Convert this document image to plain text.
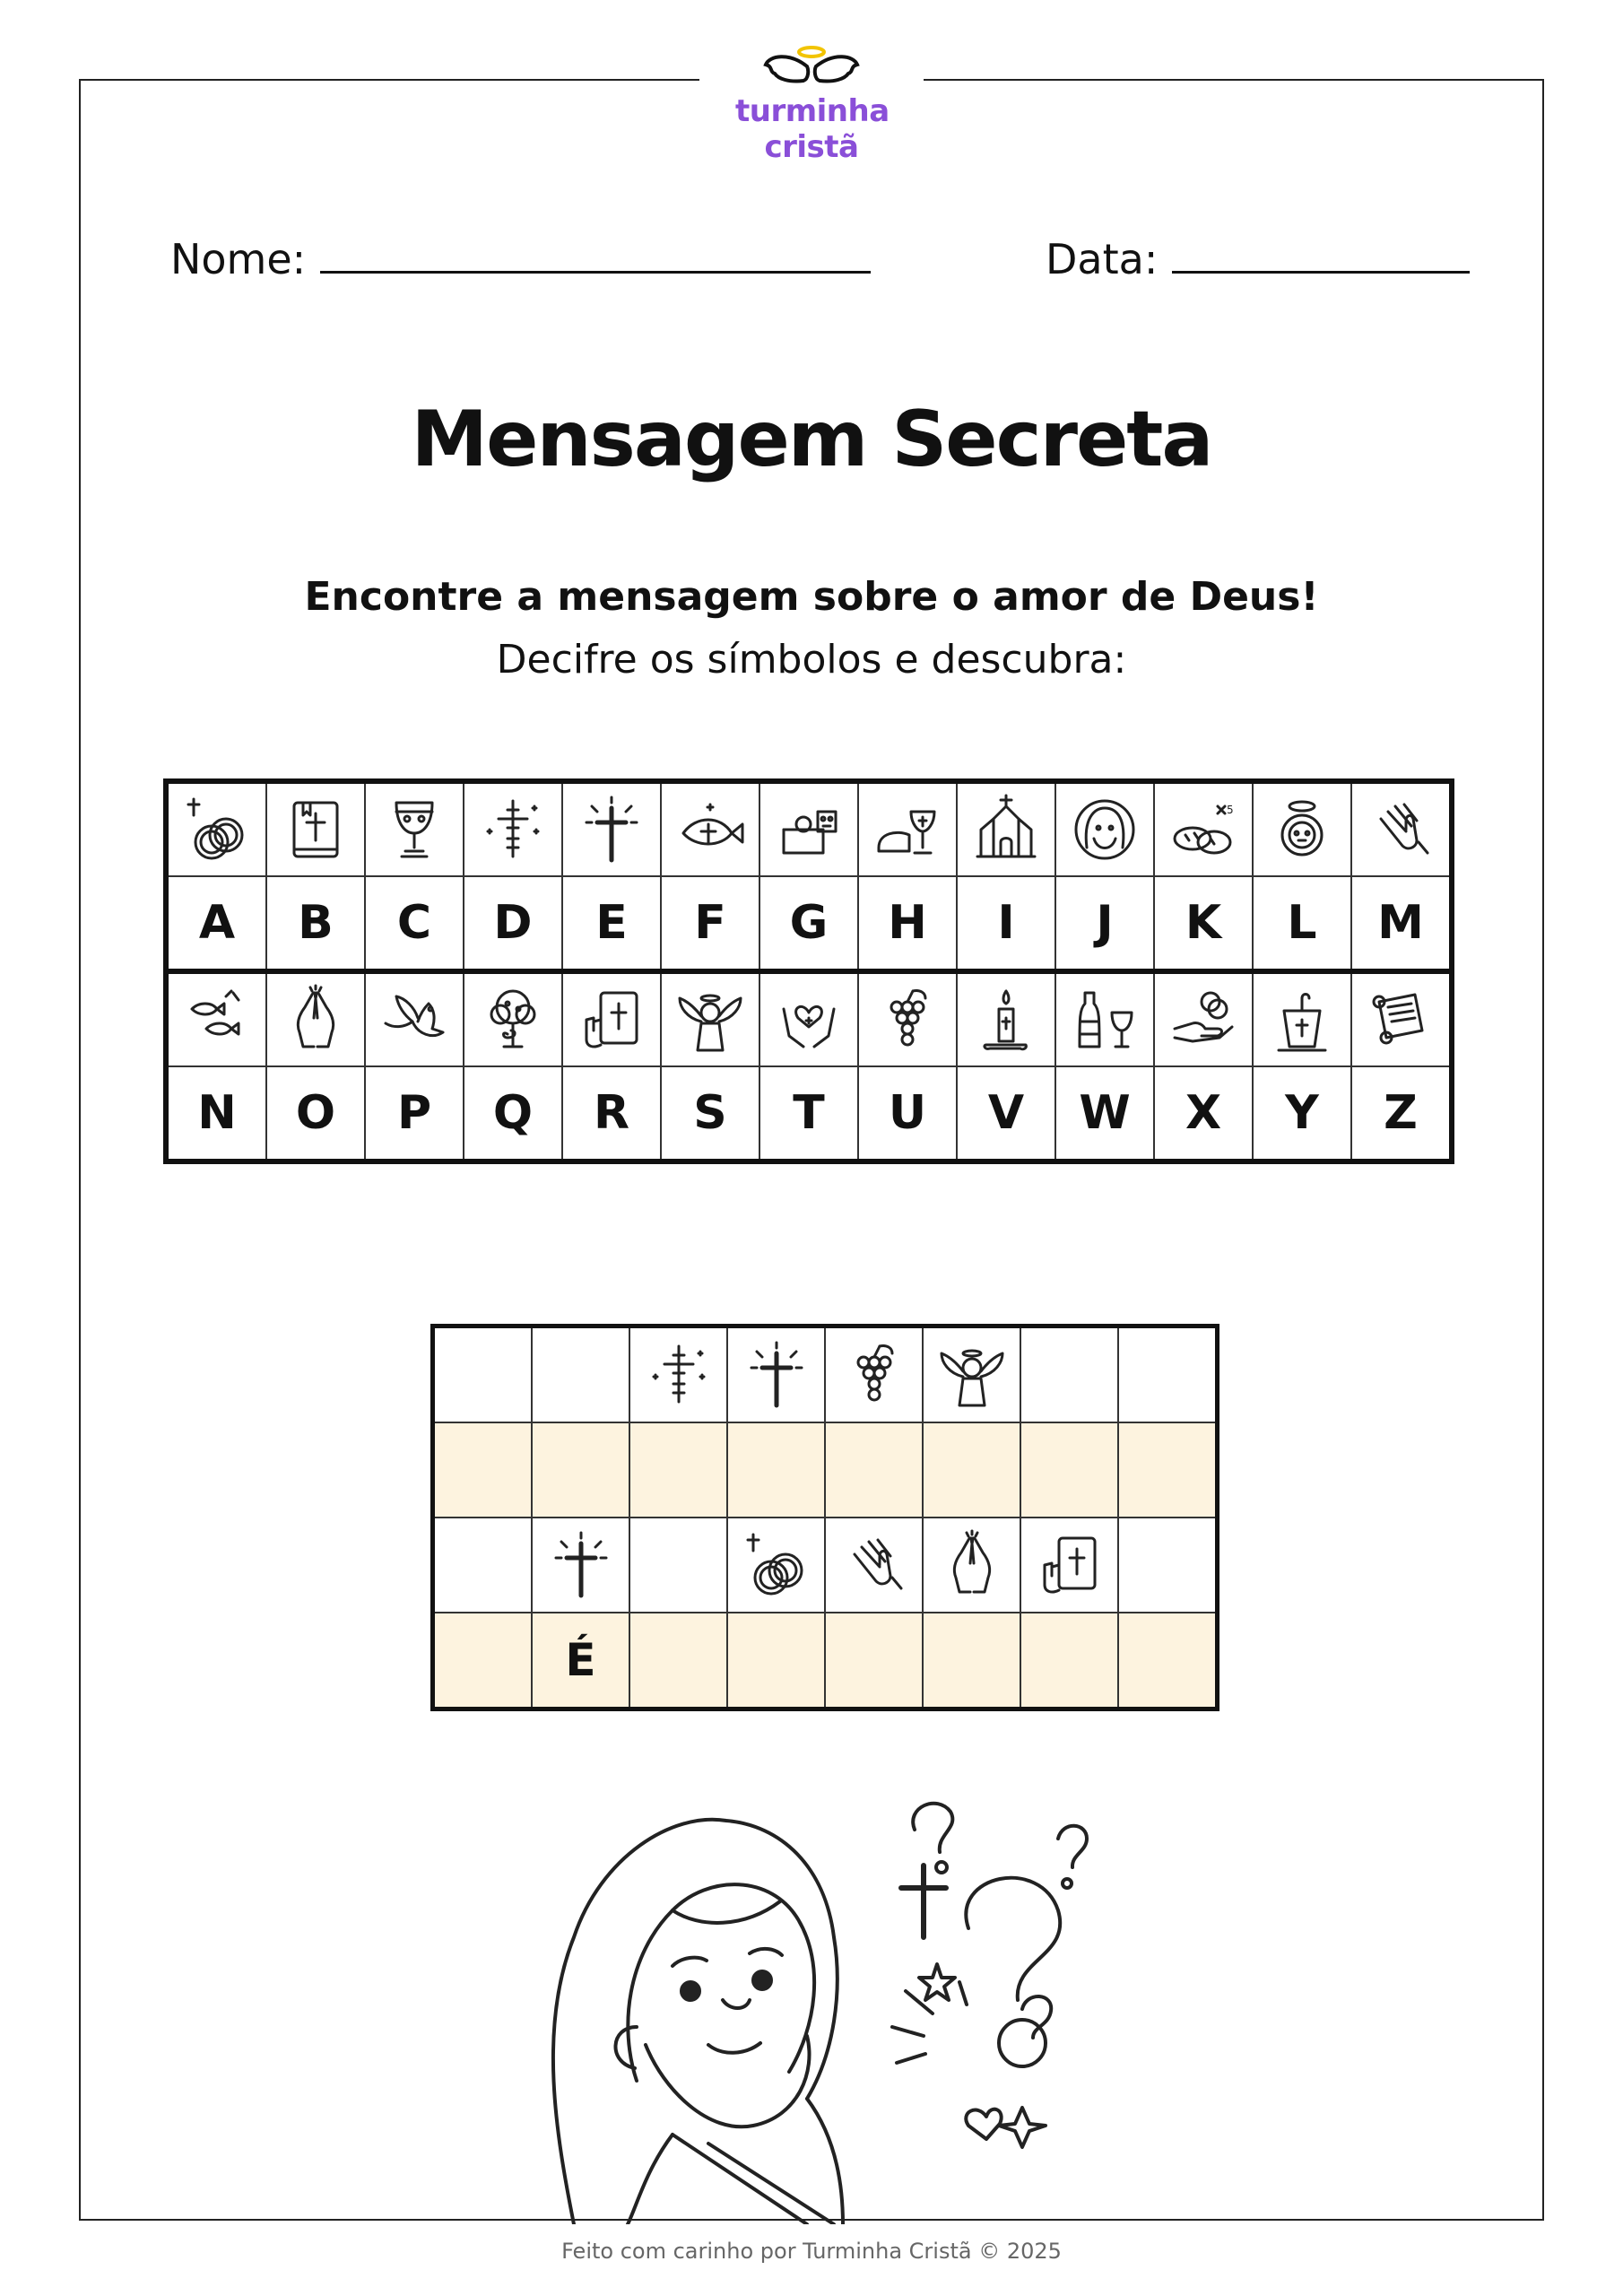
turminha
cristã
Nome:	Data:
Mensagem Secreta
Encontre a mensagem sobre o amor de Deus!
Decifre os símbolos e descubra:

5

A	B	C	D	E	F	G	H	I	J	K	L	M

N	O	P	Q	R	S	T	U	V	W	X	Y	Z

	É						
Feito com carinho por Turminha Cristã © 2025
